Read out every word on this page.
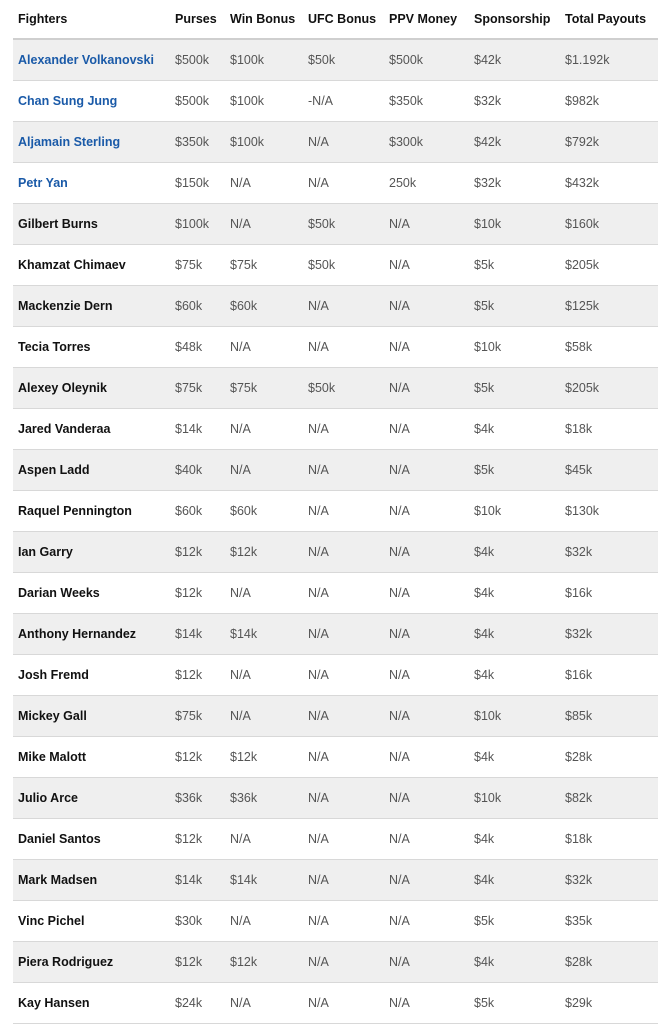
Fighters	Purses	Win Bonus	UFC Bonus	PPV Money	Sponsorship	Total Payouts
Alexander Volkanovski	$500k	$100k	$50k	$500k	$42k	$1.192k
Chan Sung Jung	$500k	$100k	-N/A	$350k	$32k	$982k
Aljamain Sterling	$350k	$100k	N/A	$300k	$42k	$792k
Petr Yan	$150k	N/A	N/A	250k	$32k	$432k
Gilbert Burns	$100k	N/A	$50k	N/A	$10k	$160k
Khamzat Chimaev	$75k	$75k	$50k	N/A	$5k	$205k
Mackenzie Dern	$60k	$60k	N/A	N/A	$5k	$125k
Tecia Torres	$48k	N/A	N/A	N/A	$10k	$58k
Alexey Oleynik	$75k	$75k	$50k	N/A	$5k	$205k
Jared Vanderaa	$14k	N/A	N/A	N/A	$4k	$18k
Aspen Ladd	$40k	N/A	N/A	N/A	$5k	$45k
Raquel Pennington	$60k	$60k	N/A	N/A	$10k	$130k
Ian Garry	$12k	$12k	N/A	N/A	$4k	$32k
Darian Weeks	$12k	N/A	N/A	N/A	$4k	$16k
Anthony Hernandez	$14k	$14k	N/A	N/A	$4k	$32k
Josh Fremd	$12k	N/A	N/A	N/A	$4k	$16k
Mickey Gall	$75k	N/A	N/A	N/A	$10k	$85k
Mike Malott	$12k	$12k	N/A	N/A	$4k	$28k
Julio Arce	$36k	$36k	N/A	N/A	$10k	$82k
Daniel Santos	$12k	N/A	N/A	N/A	$4k	$18k
Mark Madsen	$14k	$14k	N/A	N/A	$4k	$32k
Vinc Pichel	$30k	N/A	N/A	N/A	$5k	$35k
Piera Rodriguez	$12k	$12k	N/A	N/A	$4k	$28k
Kay Hansen	$24k	N/A	N/A	N/A	$5k	$29k
